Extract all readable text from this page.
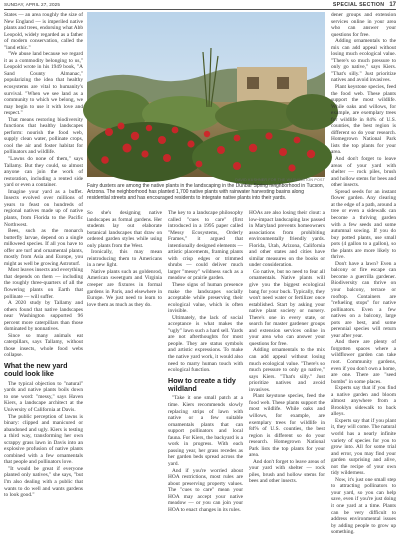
SUNDAY, APRIL 27, 2025	SPECIAL SECTION 17

States — an area roughly the size of New England — is imperiled native plants and trees, endorsing what Abb Leopold, widely regarded as a father of modern conservation, called the "land ethic."

"We abuse land because we regard it as a commodity belonging to us," Leopold wrote in his 1949 book, "A Sand County Almanac," popularizing the idea that healthy ecosystems are vital to humanity's survival. "When we see land as a community to which we belong, we may begin to use it with love and respect."

That means restoring biodiversity functions that healthy landscapes perform: nourish the food web, supply clean water, pollinate crops, cool the air and foster habitat for pollinators and wildlife.

"Lawns do none of them," says Tallamy. But they could, so almost anyone can join the work of restoration, including a rented side yard or even a container.

Imagine your yard as a buffet. Insects evolved over millions of years to feast on hundreds of regional natives made up of native plants, from Florida to the Pacific Northwest.

Bees, such as the monarch butterfly larvae, depend on a single milkweed species. If all you have to offer are turf and ornamental plants, mostly from Asia and Europe, you might as well be growing Astroturf.

Most leaves insects and everything that depends on them — including the roughly three-quarters of all the flowering plants on Earth that pollinate — will suffer.

A 2020 study by Tallamy and others found that native landscapes near Washington supported 96 percent more caterpillars than those dominated by nonnatives.

Since so many animals eat caterpillars, says Tallamy, without those insects, whole food webs collapse.

What the new yard could look like

The typical objection to "natural" yards and native plants boils down to one word: "messy," says Haven Kiers, a landscape architect at the University of California at Davis.

The public perception of lawns is binary: clipped and manicured or abandoned and ugly. Kiers is testing a third way, transforming her own scrappy grass lawn in Davis into an explosive profusion of native plants combined with a few ornamentals that people and pollinators love.

"It would be great if everyone planted only natives," she says, "but I'm also dealing with a public that wants to do well and wants gardens to look good."

DAVID KUSHNER FOR THE WASHINGTON POST
Fairy dusters are among the native plants in the landscaping in the Dunbar Spring neighborhood in Tucson, Arizona. The neighborhood has planted 1,700 native plants with rainwater harvesting basins along residential streets and has encouraged residents to integrate native plants into their yards.

So she's designing native landscapes as formal gardens. Her students lay out elaborate botanical landscapes that draw on ordered garden styles while using only plants from the West.

Ironically, this may mean reintroducing them to Americans in a new light.

Native plants such as goldenrod, American sweetgum and Virginia creeper are fixtures in formal gardens in Paris, and elsewhere in Europe. We just need to learn to love them as much as they do.

The key to a landscape philosophy called "cues to care" (first introduced in a 1995 paper called "Messy Ecosystems, Orderly Frames," it argued that intentionally designed elements — artistic placements, framing plants with crisp edges or trimmed shrubs — could deliver much larger "messy" wildness such as a meadow or prairie garden.

These signs of human presence make the landscapes socially acceptable while preserving their ecological value, which is often invisible.

Ultimately, the lack of social acceptance is what makes the "ugly" lawn such a hard sell. Yards are not afterthoughts for most people. They are status symbols and artistic expressions. To make the native yard work, it would also need to marry human touch with ecological function.

How to create a tidy wildland

"Take it one small patch at a time. Kiers recommends slowly replacing strips of lawn with native or a few suitable ornamentals plants that can support pollinators and local fauna. For Kiers, the backyard is a work in progress. With each passing year, her grass recedes as her garden beds spread across the yard.

And if you're worried about HOA restrictions, most rules are about preserving property values. The "cues to care" mean your HOA may accept your native meadow — or you can join your HOA to enact changes in its rules.

HOAs are also losing their clout: a low-impact landscaping law passed in Maryland prevents homeowners associations from prohibiting environmentally friendly yards. Florida, Utah, Arizona, California and other states and cities have similar measures on the books or under consideration.

Go native, but no need to fear all ornamentals. Native plants will give you the biggest ecological bang for your buck. Typically, they won't need water or fertilizer once established. Start by asking your native plant society or nursery. There's one in every state, or search for master gardener groups and extension services online in your area who can answer your questions for free.

Adding ornamentals to the mix can add appeal without losing much ecological value. "There's so much pressure to only go native," says Kiers. "That's silly." Just prioritize natives and avoid invasives.

Plant keystone species, feed the food web. These plants support the most wildlife. While oaks and willows, for example, are exemplary trees for wildlife in 84% of U.S. counties, the best region is different so do your research. Homegrown National Park lists the top plants for your area.

And don't forget to leave areas of your yard with shelter — rock piles, brush and hollow stems for bees and other insects.

dener groups and extension services online in your area who can answer your questions for free.

Adding ornamentals to the mix can add appeal without losing much ecological value. "There's so much pressure to only go native," says Kiers. "That's silly." Just prioritize natives and avoid invasives.

Plant keystone species, feed the food web. These plants support the most wildlife. While oaks and willows, for example, are exemplary trees for wildlife in 84% of U.S. counties, the best region is different so do your research. Homegrown National Park lists the top plants for your area.

And don't forget to leave areas of your yard with shelter — rock piles, brush and hollow stems for bees and other insects.

Spread seeds for an instant flower garden. Any clearing at the edge of a path, around a tree or even a sidewalk can become a thriving garden with a few seeds and some autumnal sowing. If you do buy potted plants, use small pots (4 gallon to a gallon), so the plants are more likely to thrive.

Don't have a lawn? Even a balcony or fire escape can become a guerrilla gardener. Biodiversity can thrive on your balcony, terrace or rooftop. Containers are "refueling stops" for native pollinators. Even a few natives on a balcony, large pots are best, and some perennial species will return year after year.

And there are plenty of forgotten spaces where a wildflower garden can take root. Community gardens, even if you don't own a home, are one. There are "seed bombs" in some places.

Experts say that if you find a native garden and bloom almost anywhere from a Brooklyn sidewalk to back alleys.

Experts say that if you plant it, they will come. The natural world has a nearly infinite variety of species for you to grow into. All for some trial and error, you may find your garden surprising and alive, not the recipe of your own tidy wilderness.

Now, it's just one small step to attracting pollinators to your yard, so you can help save, even if you're just doing it one yard at a time. Plants can be very difficult to address environmental issues by adding people to grow up something.
